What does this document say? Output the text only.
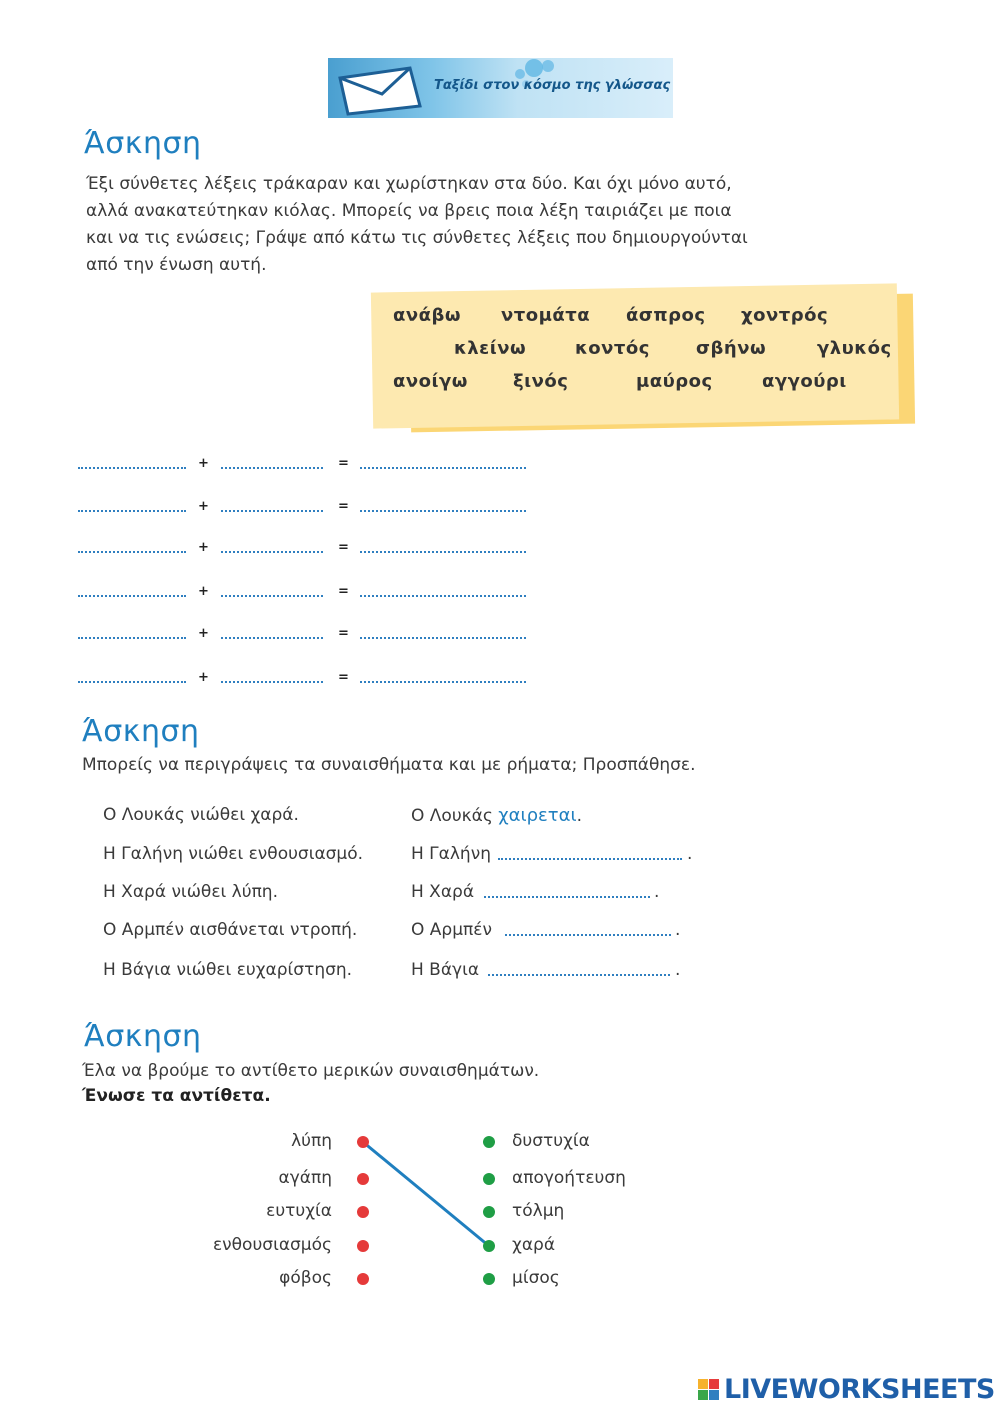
Ταξίδι στον κόσμο της γλώσσας
Άσκηση
Έξι σύνθετες λέξεις τράκαραν και χωρίστηκαν στα δύο. Και όχι μόνο αυτό,
αλλά ανακατεύτηκαν κιόλας. Μπορείς να βρεις ποια λέξη ταιριάζει με ποια
και να τις ενώσεις; Γράψε από κάτω τις σύνθετες λέξεις που δημιουργούνται
από την ένωση αυτή.
ανάβω ντομάτα άσπρος χοντρός
κλείνω	κοντός	σβήνω	γλυκός
ανοίγω	ξινός	μαύρος	αγγούρι
+	=
+	=
+	=
+	=
+	=
+	=
Άσκηση
Μπορείς να περιγράψεις τα συναισθήματα και με ρήματα; Προσπάθησε.
Ο Λουκάς νιώθει χαρά.	Ο Λουκάς χαιρεται.
Η Γαλήνη νιώθει ενθουσιασμό.	Η Γαλήνη	.
Η Χαρά νιώθει λύπη.	Η Χαρά	.
Ο Αρμπέν αισθάνεται ντροπή.	Ο Αρμπέν	.
Η Βάγια νιώθει ευχαρίστηση.	Η Βάγια	.
Άσκηση
Έλα να βρούμε το αντίθετο μερικών συναισθημάτων.
Ένωσε τα αντίθετα.
λύπη
αγάπη
ευτυχία
ενθουσιασμός
φόβος
δυστυχία
απογοήτευση
τόλμη
χαρά
μίσος
LIVEWORKSHEETS
